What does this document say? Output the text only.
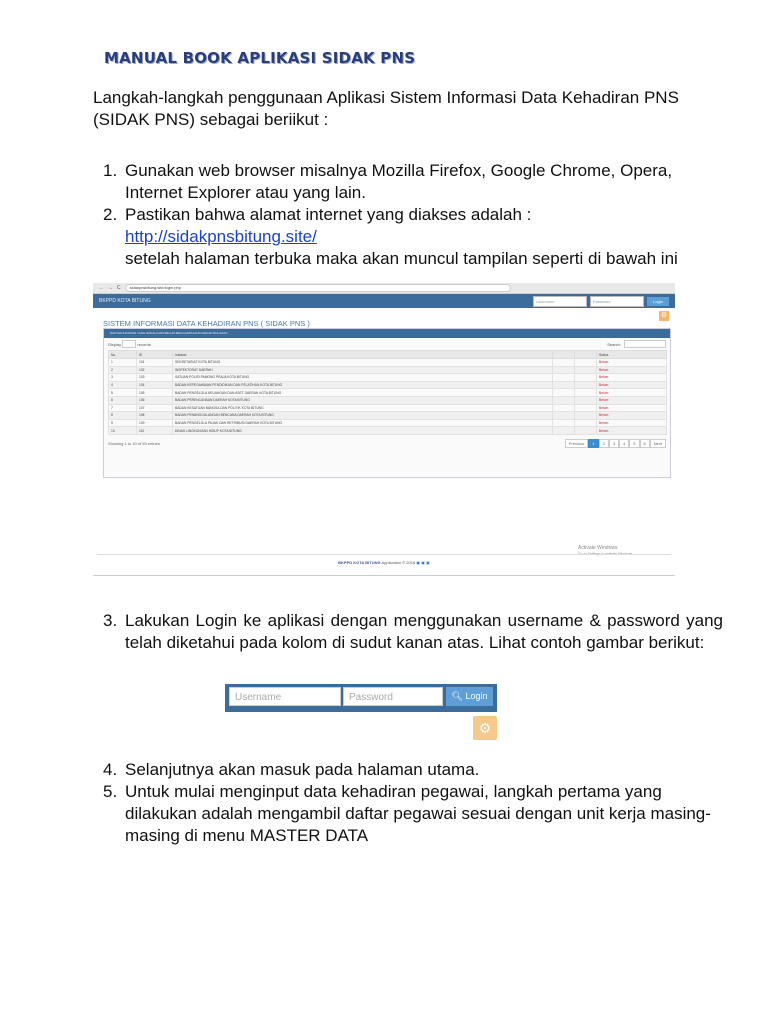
MANUAL BOOK APLIKASI SIDAK PNS
Langkah-langkah penggunaan Aplikasi Sistem Informasi Data Kehadiran PNS (SIDAK PNS) sebagai beriikut :
1. Gunakan web browser misalnya Mozilla Firefox, Google Chrome, Opera, Internet Explorer atau yang lain.
2. Pastikan bahwa alamat internet yang diakses adalah :
http://sidakpnsbitung.site/
setelah halaman terbuka maka akan muncul tampilan seperti di bawah ini
← → C	sidakpnsbitung.site/login.php
BKPPD KOTA BITUNG	Username	Password	Login
⚙
SISTEM INFORMASI DATA KEHADIRAN PNS ( SIDAK PNS )
DAFTAR INSTANSI YANG SUDAH DAN BELUM MENGUMPULKAN REKAP BULANAN
Display

	records	Search:
No	ID	Instansi			Status
1	101	SEKRETARIAT KOTA BITUNG			Belum
2	102	INSPEKTORAT DAERAH			Belum
3	103	SATUAN POLISI PAMONG PRAJA KOTA BITUNG			Belum
4	104	BADAN KEPEGAWAIAN PENDIDIKAN DAN PELATIHAN KOTA BITUNG			Belum
5	105	BADAN PENGELOLA KEUANGAN DAN ASET DAERAH KOTA BITUNG			Belum
6	106	BADAN PERENCANAAN DAERAH KOTA BITUNG			Belum
7	107	BADAN KESATUAN BANGSA DAN POLITIK KOTA BITUNG			Belum
8	108	BADAN PENANGGULANGAN BENCANA DAERAH KOTA BITUNG			Belum
9	109	BADAN PENGELOLA PAJAK DAN RETRIBUSI DAERAH KOTA BITUNG			Belum
10	110	DINAS LINGKUNGAN HIDUP KOTA BITUNG			Belum
Showing 1 to 10 of 55 entries	Previous	1	2	3	4	5	6	Next
Activate Windows
Go to Settings to activate Windows.
BKPPD KOTA BITUNG Application © 2018 ▣ ▣ ▣
3. Lakukan Login ke aplikasi dengan menggunakan username & password yang telah diketahui pada kolom di sudut kanan atas. Lihat contoh gambar berikut:
Username	Password	🔍︎ Login
⚙
4. Selanjutnya akan masuk pada halaman utama.
5. Untuk mulai menginput data kehadiran pegawai, langkah pertama yang dilakukan adalah mengambil daftar pegawai sesuai dengan unit kerja masing-masing di menu MASTER DATA
